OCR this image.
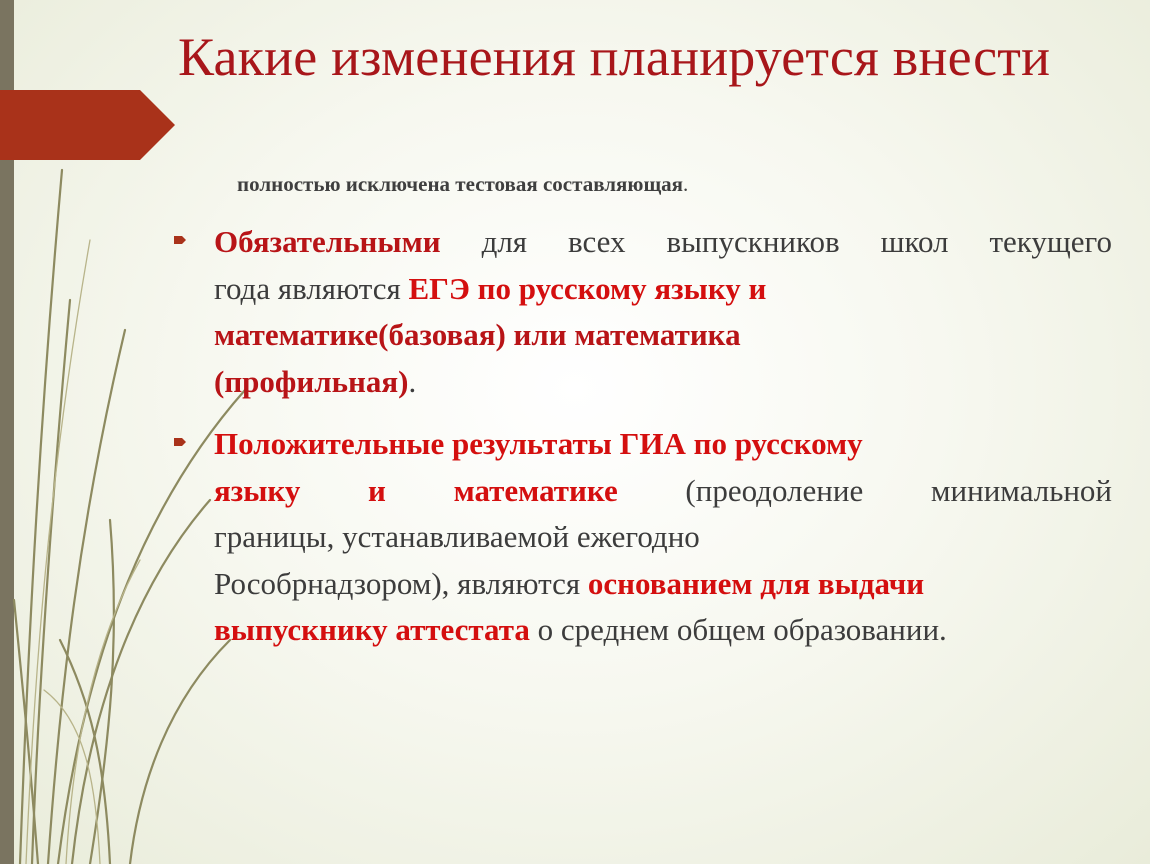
Какие изменения планируется внести
полностью исключена тестовая составляющая.
Обязательными для всех выпускников школ текущего
года являются ЕГЭ по русскому языку и
математике(базовая) или математика
(профильная).
Положительные результаты ГИА по русскому
языку и математике (преодоление минимальной
границы, устанавливаемой ежегодно
Рособрнадзором), являются основанием для выдачи
выпускнику аттестата о среднем общем образовании.
